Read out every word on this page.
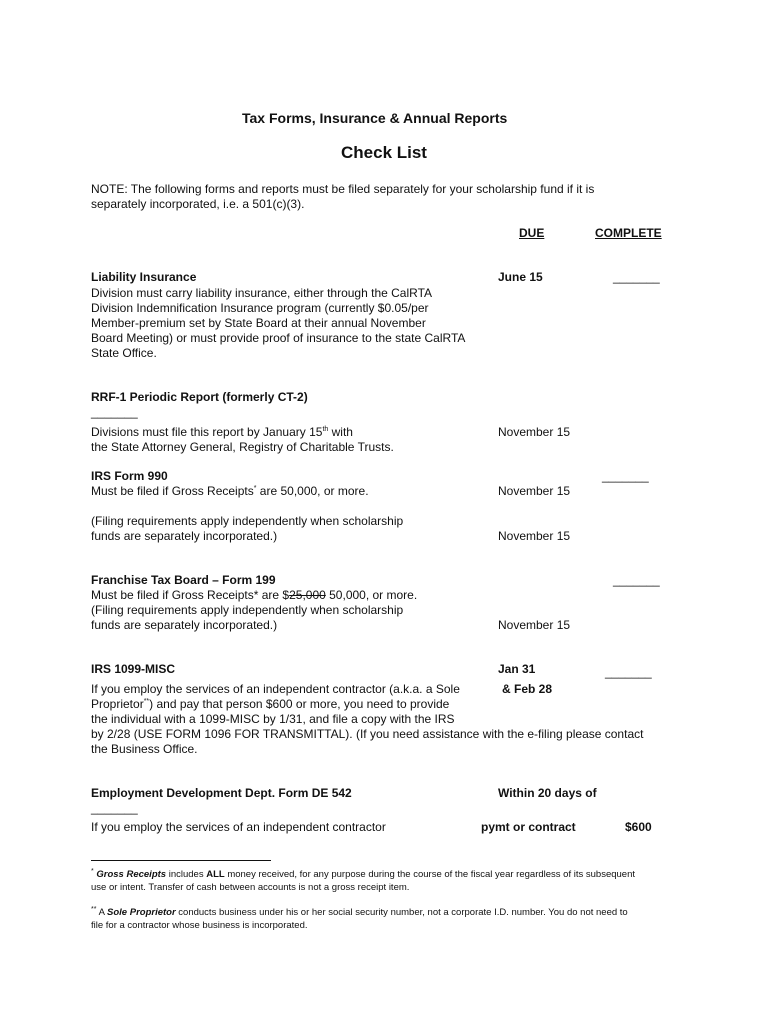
Tax Forms, Insurance & Annual Reports
Check List
NOTE: The following forms and reports must be filed separately for your scholarship fund if it is
separately incorporated, i.e. a 501(c)(3).
DUE	COMPLETE
Liability Insurance	June 15	_______
Division must carry liability insurance, either through the CalRTA
Division Indemnification Insurance program (currently $0.05/per
Member-premium set by State Board at their annual November
Board Meeting) or must provide proof of insurance to the state CalRTA
State Office.
RRF-1 Periodic Report (formerly CT-2)
_______
Divisions must file this report by January 15th with	November 15
the State Attorney General, Registry of Charitable Trusts.
IRS Form 990	_______
Must be filed if Gross Receipts* are 50,000, or more.	November 15
(Filing requirements apply independently when scholarship
funds are separately incorporated.)	November 15
Franchise Tax Board – Form 199	_______
Must be filed if Gross Receipts* are $25,000 50,000, or more.
(Filing requirements apply independently when scholarship
funds are separately incorporated.)	November 15
IRS 1099-MISC	Jan 31	_______
If you employ the services of an independent contractor (a.k.a. a Sole	& Feb 28
Proprietor**) and pay that person $600 or more, you need to provide
the individual with a 1099-MISC by 1/31, and file a copy with the IRS
by 2/28 (USE FORM 1096 FOR TRANSMITTAL). (If you need assistance with the e-filing please contact
the Business Office.
Employment Development Dept. Form DE 542	Within 20 days of
_______
If you employ the services of an independent contractor	pymt or contract	$600
* Gross Receipts includes ALL money received, for any purpose during the course of the fiscal year regardless of its subsequent
use or intent. Transfer of cash between accounts is not a gross receipt item.
** A Sole Proprietor conducts business under his or her social security number, not a corporate I.D. number. You do not need to
file for a contractor whose business is incorporated.
